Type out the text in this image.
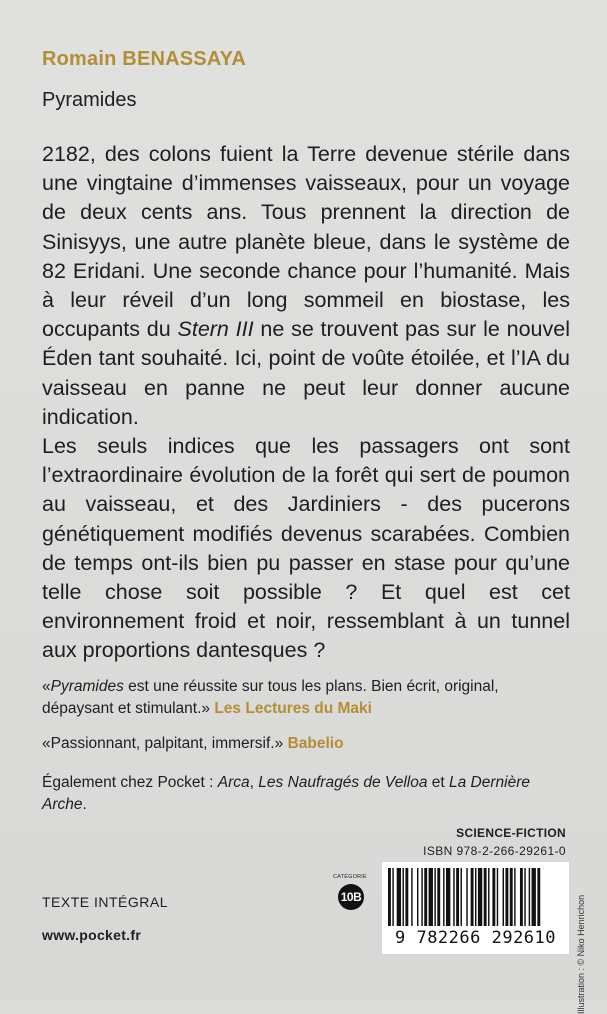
Romain BENASSAYA
Pyramides

2182, des colons fuient la Terre devenue stérile dans une vingtaine d’immenses vaisseaux, pour un voyage de deux cents ans. Tous prennent la direction de Sinisyys, une autre planète bleue, dans le système de 82 Eridani. Une seconde chance pour l’humanité. Mais à leur réveil d’un long sommeil en biostase, les occupants du Stern III ne se trouvent pas sur le nouvel Éden tant souhaité. Ici, point de voûte étoilée, et l’IA du vaisseau en panne ne peut leur donner aucune indication.

Les seuls indices que les passagers ont sont l’extraordinaire évolution de la forêt qui sert de poumon au vaisseau, et des Jardiniers - des pucerons génétiquement modifiés devenus scarabées. Combien de temps ont-ils bien pu passer en stase pour qu’une telle chose soit possible ? Et quel est cet environnement froid et noir, ressemblant à un tunnel aux proportions dantesques ?

«Pyramides est une réussite sur tous les plans. Bien écrit, original, dépaysant et stimulant.» Les Lectures du Maki
«Passionnant, palpitant, immersif.» Babelio
Également chez Pocket : Arca, Les Naufragés de Velloa et La Dernière Arche.
SCIENCE-FICTION
ISBN 978-2-266-29261-0
9 782266 292610
CATÉGORIE
10B
TEXTE INTÉGRAL
www.pocket.fr	Illustration : © Niko Henrichon
